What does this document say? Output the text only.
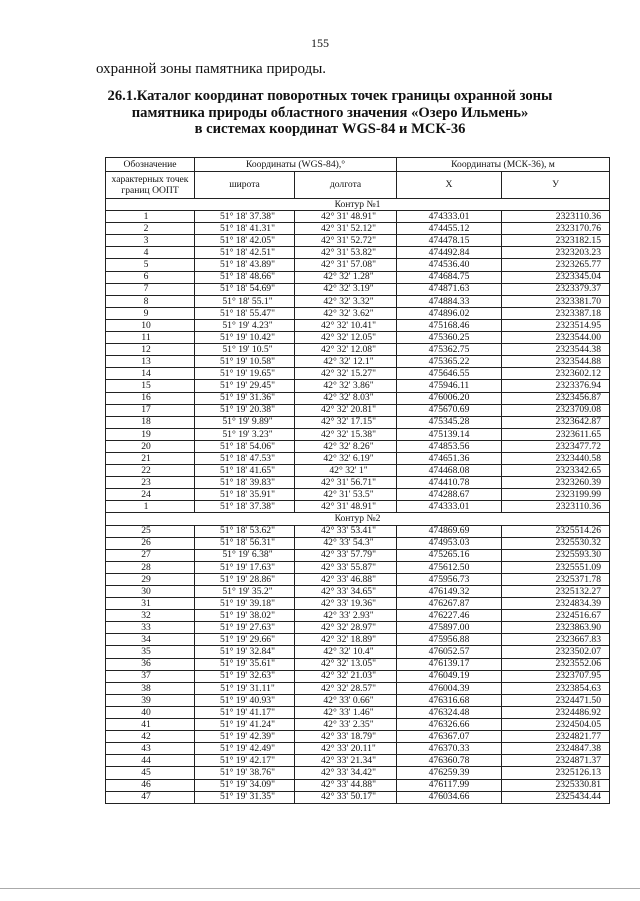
155
охранной зоны памятника природы.
26.1.Каталог координат поворотных точек границы охранной зоны
памятника природы областного значения «Озеро Ильмень»
в системах координат WGS-84 и МСК-36
Обозначение	Координаты (WGS-84),°		Координаты (МСК-36), м	
характерных точек границ ООПТ	широта	долгота	X	У
Контур №1				
1	51° 18' 37.38"	42° 31' 48.91"	474333.01	2323110.36
2	51° 18' 41.31"	42° 31' 52.12"	474455.12	2323170.76
3	51° 18' 42.05"	42° 31' 52.72"	474478.15	2323182.15
4	51° 18' 42.51"	42° 31' 53.82"	474492.84	2323203.23
5	51° 18' 43.89"	42° 31' 57.08"	474536.40	2323265.77
6	51° 18' 48.66"	42° 32' 1.28"	474684.75	2323345.04
7	51° 18' 54.69"	42° 32' 3.19"	474871.63	2323379.37
8	51° 18' 55.1"	42° 32' 3.32"	474884.33	2323381.70
9	51° 18' 55.47"	42° 32' 3.62"	474896.02	2323387.18
10	51° 19' 4.23"	42° 32' 10.41"	475168.46	2323514.95
11	51° 19' 10.42"	42° 32' 12.05"	475360.25	2323544.00
12	51° 19' 10.5"	42° 32' 12.08"	475362.75	2323544.38
13	51° 19' 10.58"	42° 32' 12.1"	475365.22	2323544.88
14	51° 19' 19.65"	42° 32' 15.27"	475646.55	2323602.12
15	51° 19' 29.45"	42° 32' 3.86"	475946.11	2323376.94
16	51° 19' 31.36"	42° 32' 8.03"	476006.20	2323456.87
17	51° 19' 20.38"	42° 32' 20.81"	475670.69	2323709.08
18	51° 19' 9.89"	42° 32' 17.15"	475345.28	2323642.87
19	51° 19' 3.23"	42° 32' 15.38"	475139.14	2323611.65
20	51° 18' 54.06"	42° 32' 8.26"	474853.56	2323477.72
21	51° 18' 47.53"	42° 32' 6.19"	474651.36	2323440.58
22	51° 18' 41.65"	42° 32' 1"	474468.08	2323342.65
23	51° 18' 39.83"	42° 31' 56.71"	474410.78	2323260.39
24	51° 18' 35.91"	42° 31' 53.5"	474288.67	2323199.99
1	51° 18' 37.38"	42° 31' 48.91"	474333.01	2323110.36
Контур №2				
25	51° 18' 53.62"	42° 33' 53.41"	474869.69	2325514.26
26	51° 18' 56.31"	42° 33' 54.3"	474953.03	2325530.32
27	51° 19' 6.38"	42° 33' 57.79"	475265.16	2325593.30
28	51° 19' 17.63"	42° 33' 55.87"	475612.50	2325551.09
29	51° 19' 28.86"	42° 33' 46.88"	475956.73	2325371.78
30	51° 19' 35.2"	42° 33' 34.65"	476149.32	2325132.27
31	51° 19' 39.18"	42° 33' 19.36"	476267.87	2324834.39
32	51° 19' 38.02"	42° 33' 2.93"	476227.46	2324516.67
33	51° 19' 27.63"	42° 32' 28.97"	475897.00	2323863.90
34	51° 19' 29.66"	42° 32' 18.89"	475956.88	2323667.83
35	51° 19' 32.84"	42° 32' 10.4"	476052.57	2323502.07
36	51° 19' 35.61"	42° 32' 13.05"	476139.17	2323552.06
37	51° 19' 32.63"	42° 32' 21.03"	476049.19	2323707.95
38	51° 19' 31.11"	42° 32' 28.57"	476004.39	2323854.63
39	51° 19' 40.93"	42° 33' 0.66"	476316.68	2324471.50
40	51° 19' 41.17"	42° 33' 1.46"	476324.48	2324486.92
41	51° 19' 41.24"	42° 33' 2.35"	476326.66	2324504.05
42	51° 19' 42.39"	42° 33' 18.79"	476367.07	2324821.77
43	51° 19' 42.49"	42° 33' 20.11"	476370.33	2324847.38
44	51° 19' 42.17"	42° 33' 21.34"	476360.78	2324871.37
45	51° 19' 38.76"	42° 33' 34.42"	476259.39	2325126.13
46	51° 19' 34.09"	42° 33' 44.88"	476117.99	2325330.81
47	51° 19' 31.35"	42° 33' 50.17"	476034.66	2325434.44
